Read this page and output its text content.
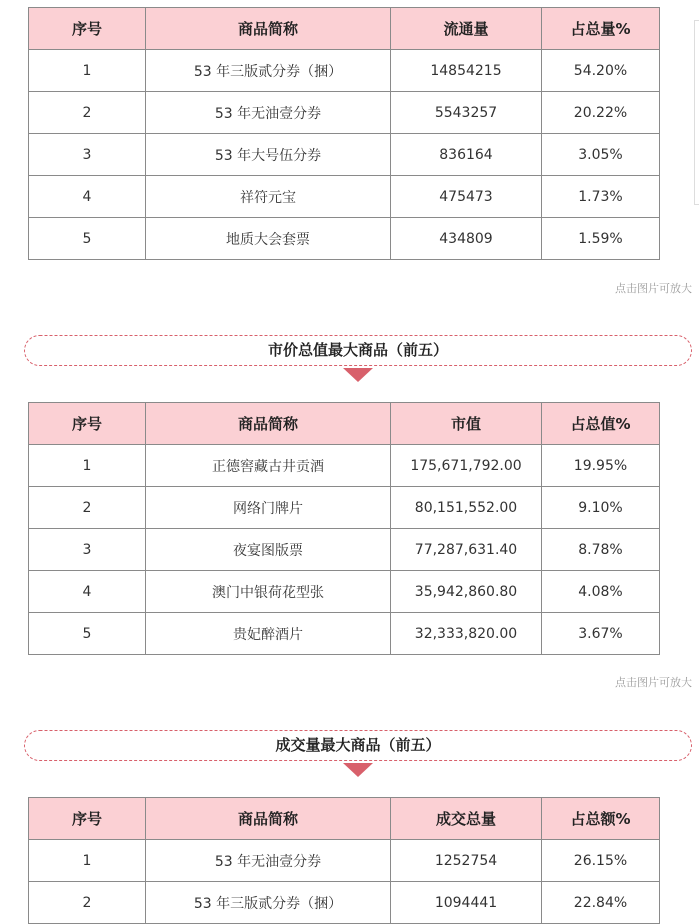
序号	商品简称	流通量	占总量%
1	53 年三版贰分券（捆）	14854215	54.20%
2	53 年无油壹分券	5543257	20.22%
3	53 年大号伍分券	836164	3.05%
4	祥符元宝	475473	1.73%
5	地质大会套票	434809	1.59%
点击图片可放大
市价总值最大商品（前五）
序号	商品简称	市值	占总值%
1	正德窖藏古井贡酒	175,671,792.00	19.95%
2	网络门牌片	80,151,552.00	9.10%
3	夜宴图版票	77,287,631.40	8.78%
4	澳门中银荷花型张	35,942,860.80	4.08%
5	贵妃醉酒片	32,333,820.00	3.67%
点击图片可放大
成交量最大商品（前五）
序号	商品简称	成交总量	占总额%
1	53 年无油壹分券	1252754	26.15%
2	53 年三版贰分券（捆）	1094441	22.84%
